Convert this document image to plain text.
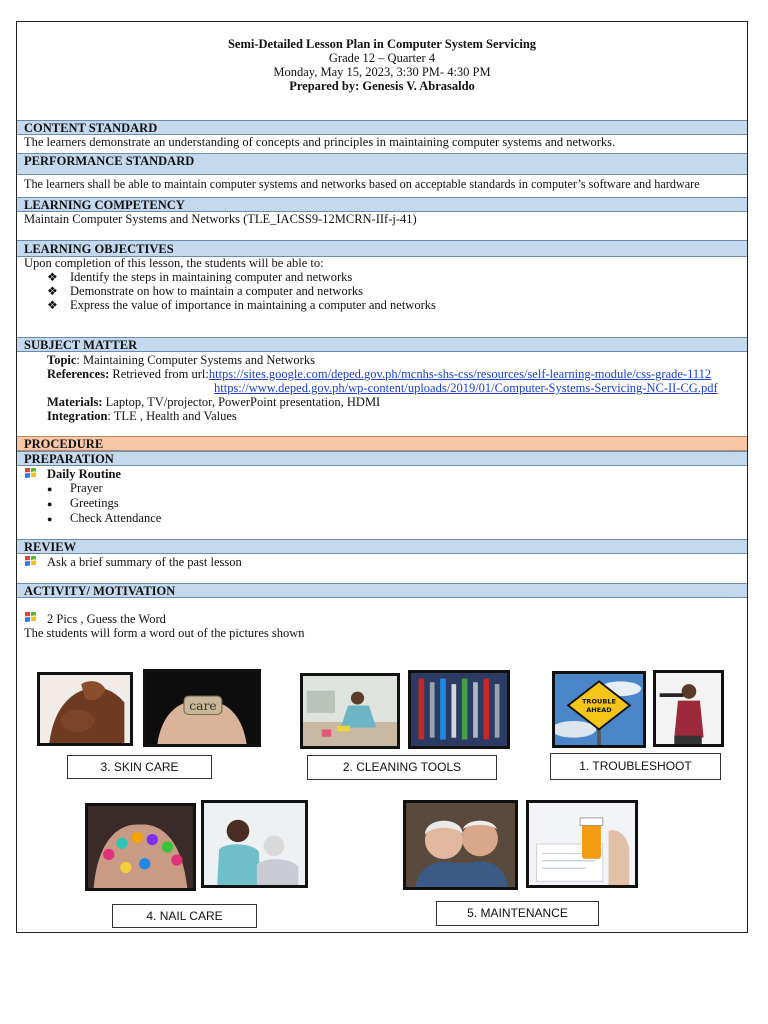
Semi-Detailed Lesson Plan in Computer System Servicing
Grade 12 – Quarter 4
Monday, May 15, 2023, 3:30 PM- 4:30 PM
Prepared by: Genesis V. Abrasaldo
CONTENT STANDARD
The learners demonstrate an understanding of concepts and principles in maintaining computer systems and networks.
PERFORMANCE STANDARD
The learners shall be able to maintain computer systems and networks based on acceptable standards in computer’s software and hardware
LEARNING COMPETENCY
Maintain Computer Systems and Networks (TLE_IACSS9-12MCRN-IIf-j-41)
LEARNING OBJECTIVES
Upon completion of this lesson, the students will be able to:
❖ Identify the steps in maintaining computer and networks
❖ Demonstrate on how to maintain a computer and networks
❖ Express the value of importance in maintaining a computer and networks
SUBJECT MATTER
Topic: Maintaining Computer Systems and Networks
References: Retrieved from url:https://sites.google.com/deped.gov.ph/mcnhs-shs-css/resources/self-learning-module/css-grade-1112
https://www.deped.gov.ph/wp-content/uploads/2019/01/Computer-Systems-Servicing-NC-II-CG.pdf
Materials: Laptop, TV/projector, PowerPoint presentation, HDMI
Integration: TLE , Health and Values
PROCEDURE
PREPARATION
Daily Routine
● Prayer
● Greetings
● Check Attendance
REVIEW
Ask a brief summary of the past lesson
ACTIVITY/ MOTIVATION
2 Pics , Guess the Word
The students will form a word out of the pictures shown
care
3. SKIN CARE	2. CLEANING TOOLS
TROUBLE
AHEAD
1. TROUBLESHOOT
4. NAIL CARE	5. MAINTENANCE
